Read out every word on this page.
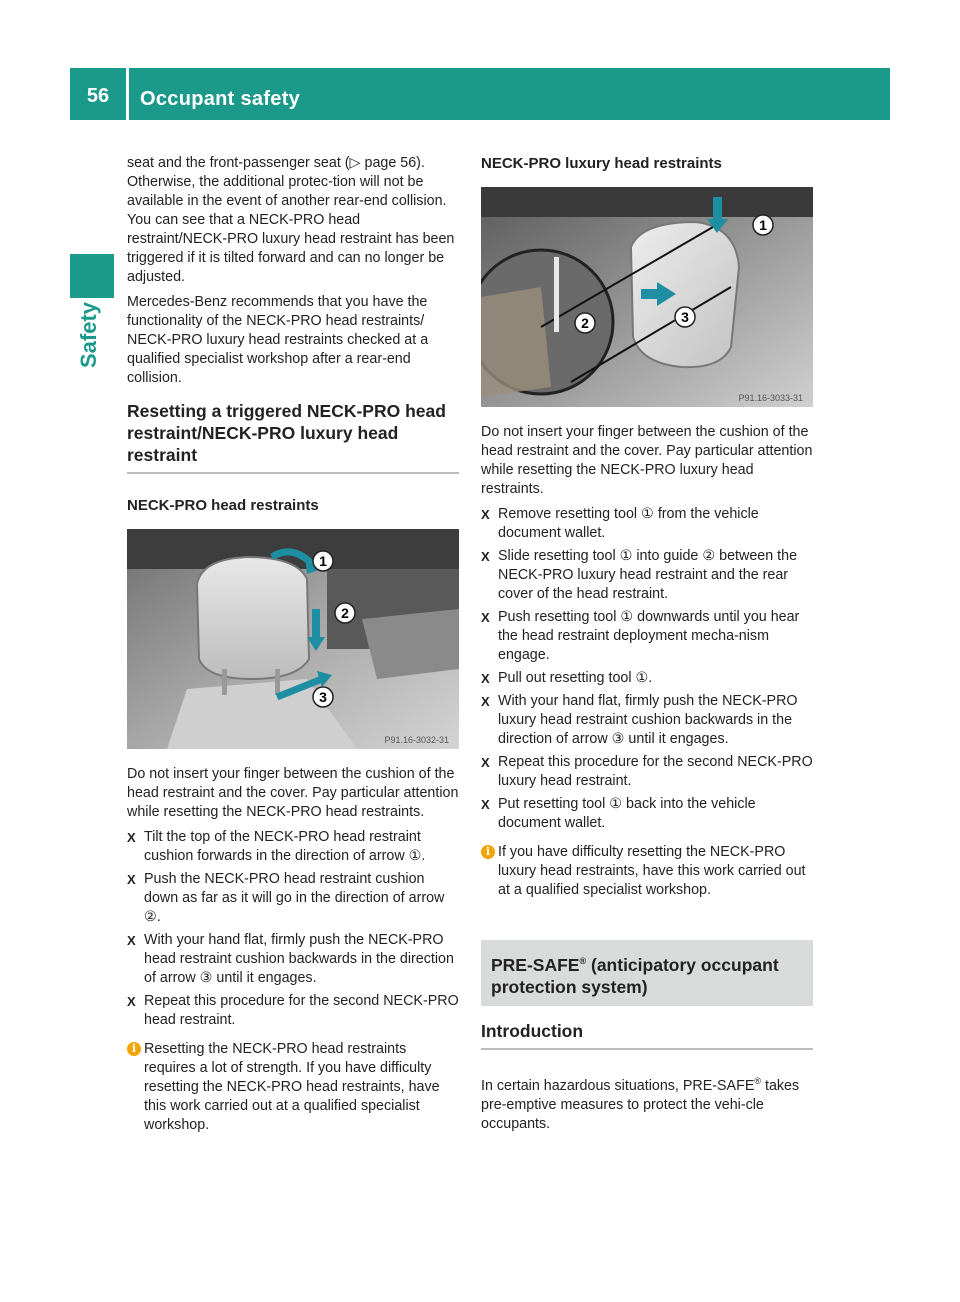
56	Occupant safety
Safety

seat and the front-passenger seat (▷ page 56). Otherwise, the additional protec-tion will not be available in the event of another rear-end collision. You can see that a NECK-PRO head restraint/NECK-PRO luxury head restraint has been triggered if it is tilted forward and can no longer be adjusted.

Mercedes-Benz recommends that you have the functionality of the NECK-PRO head restraints/ NECK-PRO luxury head restraints checked at a qualified specialist workshop after a rear-end collision.

Resetting a triggered NECK-PRO head restraint/NECK-PRO luxury head restraint
NECK-PRO head restraints
1
2
3
P91.16-3032-31

Do not insert your finger between the cushion of the head restraint and the cover. Pay particular attention while resetting the NECK-PRO head restraints.

X Tilt the top of the NECK-PRO head restraint cushion forwards in the direction of arrow ①.
X Push the NECK-PRO head restraint cushion down as far as it will go in the direction of arrow ②.
X With your hand flat, firmly push the NECK-PRO head restraint cushion backwards in the direction of arrow ③ until it engages.
X Repeat this procedure for the second NECK-PRO head restraint.
i Resetting the NECK-PRO head restraints requires a lot of strength. If you have difficulty resetting the NECK-PRO head restraints, have this work carried out at a qualified specialist workshop.
NECK-PRO luxury head restraints
1
2	3
P91.16-3033-31

Do not insert your finger between the cushion of the head restraint and the cover. Pay particular attention while resetting the NECK-PRO luxury head restraints.

X Remove resetting tool ① from the vehicle document wallet.
X Slide resetting tool ① into guide ② between the NECK-PRO luxury head restraint and the rear cover of the head restraint.
X Push resetting tool ① downwards until you hear the head restraint deployment mecha-nism engage.
X Pull out resetting tool ①.
X With your hand flat, firmly push the NECK-PRO luxury head restraint cushion backwards in the direction of arrow ③ until it engages.
X Repeat this procedure for the second NECK-PRO luxury head restraint.
X Put resetting tool ① back into the vehicle document wallet.
i If you have difficulty resetting the NECK-PRO luxury head restraints, have this work carried out at a qualified specialist workshop.
PRE-SAFE® (anticipatory occupant protection system)
Introduction

In certain hazardous situations, PRE-SAFE® takes pre-emptive measures to protect the vehi-cle occupants.
